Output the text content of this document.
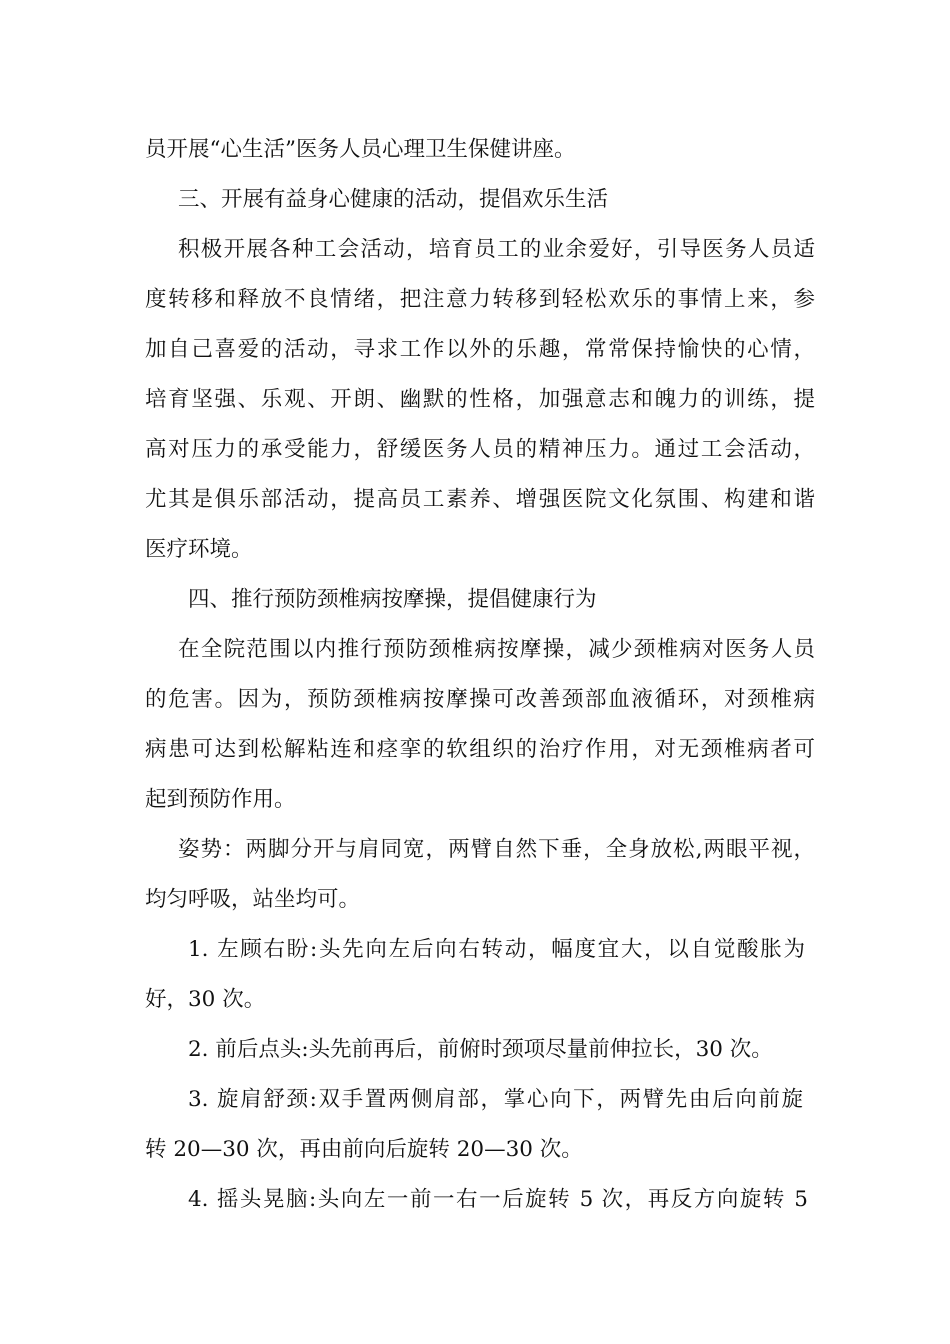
员开展“心生活”医务人员心理卫生保健讲座。
三、开展有益身心健康的活动，提倡欢乐生活
积极开展各种工会活动，培育员工的业余爱好，引导医务人员适
度转移和释放不良情绪，把注意力转移到轻松欢乐的事情上来，参
加自己喜爱的活动，寻求工作以外的乐趣，常常保持愉快的心情，
培育坚强、乐观、开朗、幽默的性格，加强意志和魄力的训练，提
高对压力的承受能力，舒缓医务人员的精神压力。通过工会活动，
尤其是俱乐部活动，提高员工素养、增强医院文化氛围、构建和谐
医疗环境。
四、推行预防颈椎病按摩操，提倡健康行为
在全院范围以内推行预防颈椎病按摩操，减少颈椎病对医务人员
的危害。因为，预防颈椎病按摩操可改善颈部血液循环，对颈椎病
病患可达到松解粘连和痉挛的软组织的治疗作用，对无颈椎病者可
起到预防作用。
姿势：两脚分开与肩同宽，两臂自然下垂，全身放松,两眼平视，
均匀呼吸，站坐均可。
1. 左顾右盼:头先向左后向右转动，幅度宜大，以自觉酸胀为
好，30 次。
2. 前后点头:头先前再后，前俯时颈项尽量前伸拉长，30 次。
3. 旋肩舒颈:双手置两侧肩部，掌心向下，两臂先由后向前旋
转 20—30 次，再由前向后旋转 20—30 次。
4. 摇头晃脑:头向左一前一右一后旋转 5 次，再反方向旋转 5
